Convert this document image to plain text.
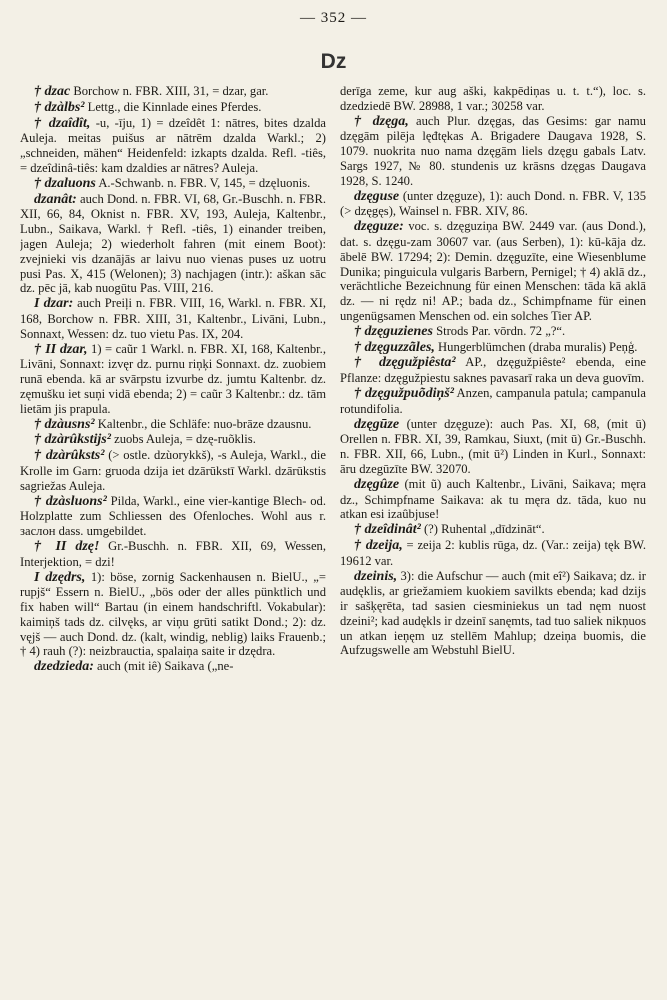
— 352 —
Dz

† dzac Borchow n. FBR. XIII, 31, = dzar, gar.

† dzàlbs² Lettg., die Kinnlade eines Pferdes.

† dzaîdît, -u, -īju, 1) = dzeîdêt 1: nātres, bites dzalda Auleja. meitas puišus ar nātrēm dzalda Warkl.; 2) „schneiden, mähen“ Heidenfeld: izkapts dzalda. Refl. -tiês, = dzeîdinâ-tiês: kam dzaldies ar nātres? Auleja.

† dzaluons A.-Schwanb. n. FBR. V, 145, = dzęluonis.

dzanât: auch Dond. n. FBR. VI, 68, Gr.-Buschh. n. FBR. XII, 66, 84, Oknist n. FBR. XV, 193, Auleja, Kaltenbr., Lubn., Saikava, Warkl. † Refl. -tiês, 1) einander treiben, jagen Auleja; 2) wiederholt fahren (mit einem Boot): zvejnieki vis dzanājās ar laivu nuo vienas puses uz uotru pusi Pas. X, 415 (Welonen); 3) nachjagen (intr.): aškan sāc dz. pēc jā, kab nuogūtu Pas. VIII, 216.

I dzar: auch Preiļi n. FBR. VIII, 16, Warkl. n. FBR. XI, 168, Borchow n. FBR. XIII, 31, Kaltenbr., Livāni, Lubn., Sonnaxt, Wessen: dz. tuo vietu Pas. IX, 204.

† II dzar, 1) = caũr 1 Warkl. n. FBR. XI, 168, Kaltenbr., Livāni, Sonnaxt: izvęr dz. purnu riņķi Sonnaxt. dz. zuobiem runā ebenda. kā ar svārpstu izvurbe dz. jumtu Kaltenbr. dz. zęmušku iet suņi vidā ebenda; 2) = caũr 3 Kaltenbr.: dz. tām lietām jis prapula.

† dzàusns² Kaltenbr., die Schläfe: nuo-brāze dzausnu.

† dzàrûkstijs² zuobs Auleja, = dzę-ruõklis.

† dzàrûksts² (> ostle. dzùorykkš), -s Auleja, Warkl., die Krolle im Garn: gruoda dzija iet dzārūkstī Warkl. dzārūkstis sagriežas Auleja.

† dzàsluons² Pilda, Warkl., eine vier-kantige Blech- od. Holzplatte zum Schliessen des Ofenloches. Wohl aus r. заслон dass. umgebildet.

† II dzę! Gr.-Buschh. n. FBR. XII, 69, Wessen, Interjektion, = dzi!

I dzędrs, 1): böse, zornig Sackenhausen n. BielU., „= rupjš“ Essern n. BielU., „bös oder der alles pünktlich und fix haben will“ Bartau (in einem handschriftl. Vokabular): kaimiņš tads dz. cilvęks, ar viņu grūti satikt Dond.; 2): dz. vęjš — auch Dond. dz. (kalt, windig, neblig) laiks Frauenb.; † 4) rauh (?): neizbrauctia, spalaiņa saite ir dzędra.

dzedzieda: auch (mit iê) Saikava („ne-

derīga zeme, kur aug aški, kakpēdiņas u. t. t.“), loc. s. dzedziedē BW. 28988, 1 var.; 30258 var.

† dzęga, auch Plur. dzęgas, das Gesims: gar namu dzęgām pilēja lęđtękas A. Brigadere Daugava 1928, S. 1079. nuokrita nuo nama dzęgām liels dzęgu gabals Latv. Sargs 1927, № 80. stundenis uz krāsns dzęgas Daugava 1928, S. 1240.

dzęguse (unter dzęguze), 1): auch Dond. n. FBR. V, 135 (> dzęgęs), Wainsel n. FBR. XIV, 86.

dzęguze: voc. s. dzęguziņa BW. 2449 var. (aus Dond.), dat. s. dzęgu-zam 30607 var. (aus Serben), 1): kū-kāja dz. ābelē BW. 17294; 2): Demin. dzęguzīte, eine Wiesenblume Dunika; pinguicula vulgaris Barbern, Pernigel; † 4) aklā dz., verächtliche Bezeichnung für einen Menschen: tāda kā aklā dz. — ni rędz ni! AP.; bada dz., Schimpfname für einen ungenügsamen Menschen od. ein solches Tier AP.

† dzęguzienes Strods Par. vōrdn. 72 „?“.

† dzęguzzãles, Hungerblümchen (draba muralis) Peņģ.

† dzęgužpiêsta² AP., dzęgužpiêste² ebenda, eine Pflanze: dzęgužpiestu saknes pavasarī raka un deva guovīm.

† dzęgužpuõdiņš² Anzen, campanula patula; campanula rotundifolia.

dzęgūze (unter dzęguze): auch Pas. XI, 68, (mit ū) Orellen n. FBR. XI, 39, Ramkau, Siuxt, (mit ū) Gr.-Buschh. n. FBR. XII, 66, Lubn., (mit ū²) Linden in Kurl., Sonnaxt: āru dzegūzīte BW. 32070.

dzęgûze (mit ũ) auch Kaltenbr., Livāni, Saikava; męra dz., Schimpfname Saikava: ak tu męra dz. tāda, kuo nu atkan esi izaûbjuse!

† dzeîdinât² (?) Ruhental „dīdzināt“.

† dzeija, = zeija 2: kublis rūga, dz. (Var.: zeija) tęk BW. 19612 var.

dzeinis, 3): die Aufschur — auch (mit eî²) Saikava; dz. ir audęklis, ar griežamiem kuokiem savilkts ebenda; kad dzijs ir sašķęrēta, tad sasien ciesminiekus un tad nęm nuost dzeini²; kad audękls ir dzeinī sanęmts, tad tuo saliek nikņuos un atkan ieņęm uz stellēm Mahlup; dzeiņa buomis, die Aufzugswelle am Webstuhl BielU.
